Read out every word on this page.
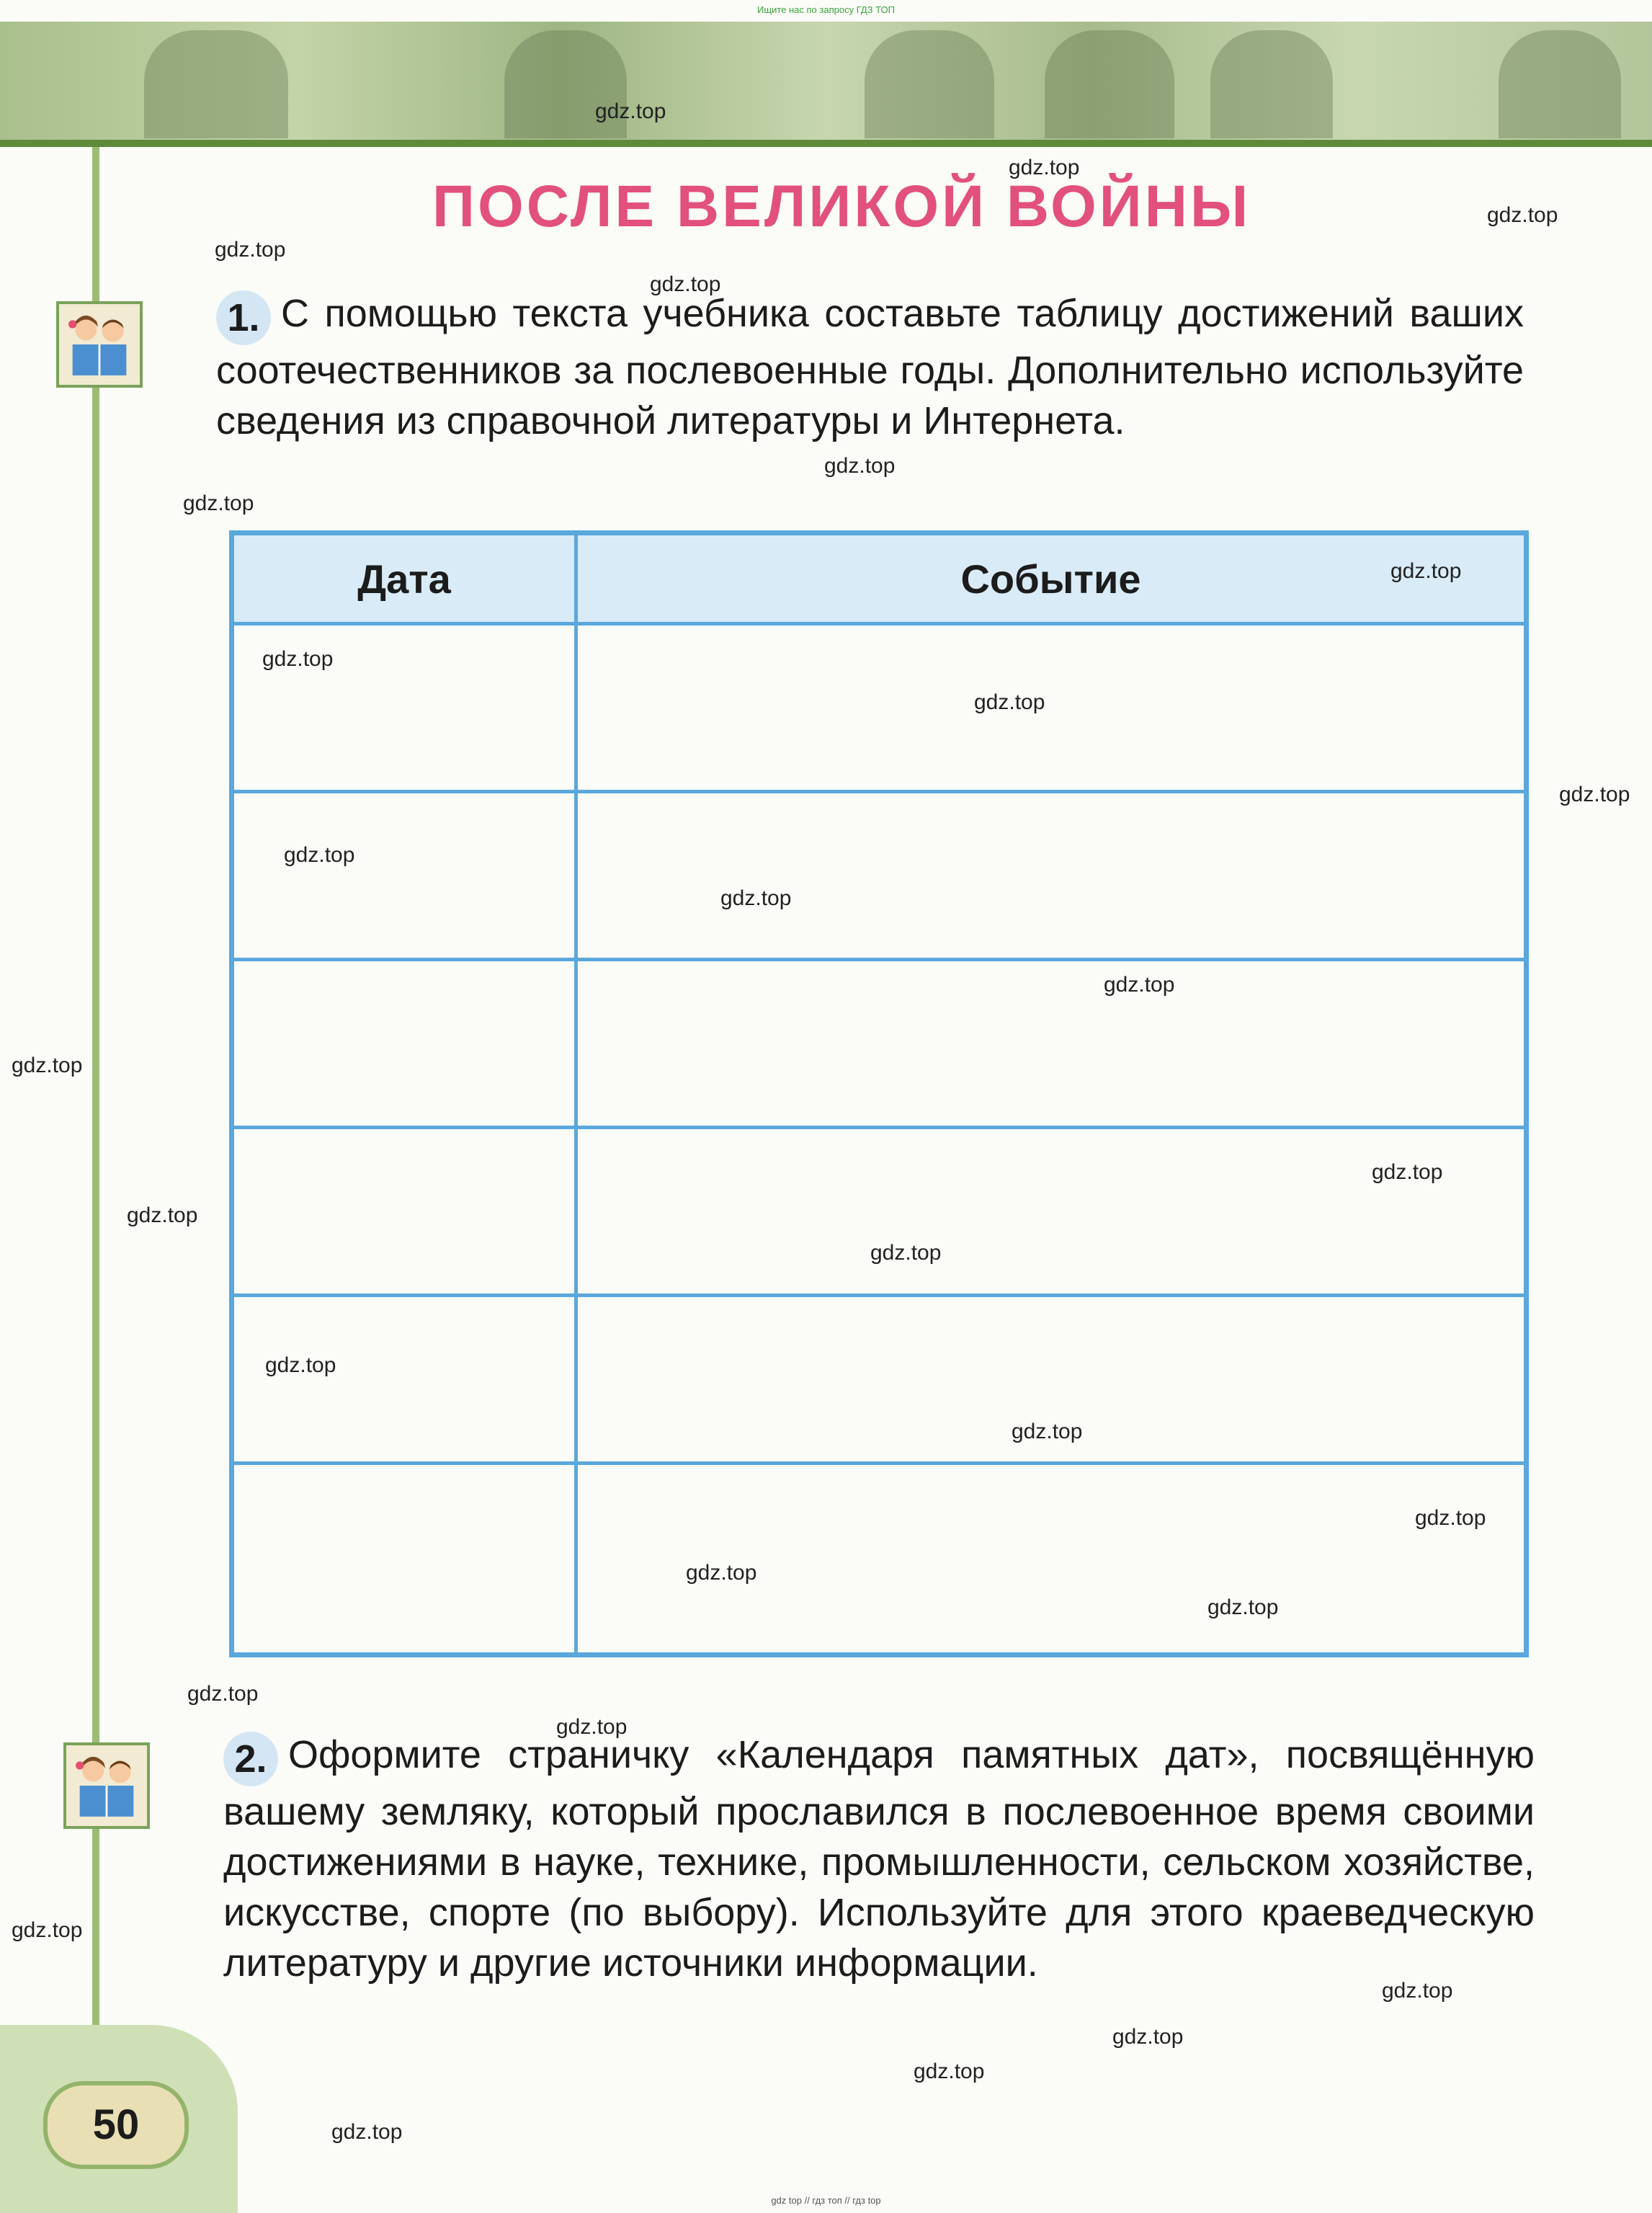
Ищите нас по запросу ГДЗ ТОП
ПОСЛЕ ВЕЛИКОЙ ВОЙНЫ
1. С помощью текста учебника составьте таблицу достижений ваших соотечественников за послевоенные годы. Дополнительно используйте сведения из справочной литературы и Интернета.
Дата	Событие

2. Оформите страничку «Календаря памятных дат», посвящённую вашему земляку, который прославился в послевоенное время своими достижениями в науке, технике, промышленности, сельском хозяйстве, искусстве, спорте (по выбору). Используйте для этого краеведческую литературу и другие источники информации.
50
gdz.top
gdz.top
gdz.top
gdz.top
gdz.top
gdz.top
gdz.top
gdz.top
gdz.top
gdz.top
gdz.top
gdz.top
gdz.top
gdz.top
gdz.top
gdz.top
gdz.top
gdz.top
gdz.top
gdz.top
gdz.top
gdz.top
gdz.top
gdz.top
gdz.top
gdz.top
gdz.top
gdz.top
gdz.top
gdz.top
gdz top // гдз топ // гдз top
